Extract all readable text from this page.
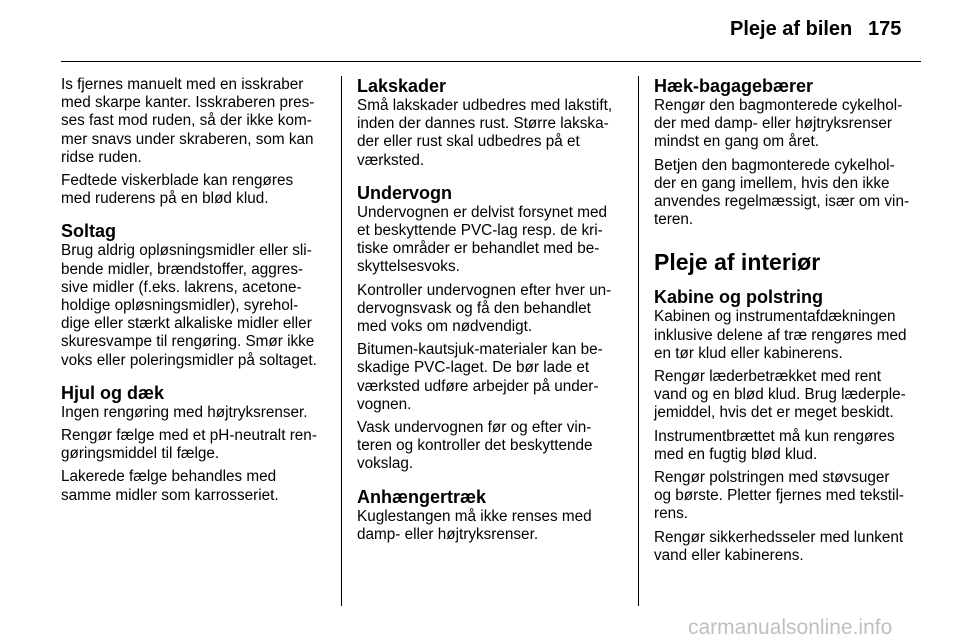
Pleje af bilen 175

Is fjernes manuelt med en isskraber
med skarpe kanter. Isskraberen pres-
ses fast mod ruden, så der ikke kom-
mer snavs under skraberen, som kan
ridse ruden.

Fedtede viskerblade kan rengøres
med ruderens på en blød klud.

Soltag

Brug aldrig opløsningsmidler eller sli-
bende midler, brændstoffer, aggres-
sive midler (f.eks. lakrens, acetone-
holdige opløsningsmidler), syrehol-
dige eller stærkt alkaliske midler eller
skuresvampe til rengøring. Smør ikke
voks eller poleringsmidler på soltaget.

Hjul og dæk

Ingen rengøring med højtryksrenser.

Rengør fælge med et pH-neutralt ren-
gøringsmiddel til fælge.

Lakerede fælge behandles med
samme midler som karrosseriet.

Lakskader

Små lakskader udbedres med lakstift,
inden der dannes rust. Større lakska-
der eller rust skal udbedres på et
værksted.

Undervogn

Undervognen er delvist forsynet med
et beskyttende PVC-lag resp. de kri-
tiske områder er behandlet med be-
skyttelsesvoks.

Kontroller undervognen efter hver un-
dervognsvask og få den behandlet
med voks om nødvendigt.

Bitumen-kautsjuk-materialer kan be-
skadige PVC-laget. De bør lade et
værksted udføre arbejder på under-
vognen.

Vask undervognen før og efter vin-
teren og kontroller det beskyttende
vokslag.

Anhængertræk

Kuglestangen må ikke renses med
damp- eller højtryksrenser.

Hæk-bagagebærer

Rengør den bagmonterede cykelhol-
der med damp- eller højtryksrenser
mindst en gang om året.

Betjen den bagmonterede cykelhol-
der en gang imellem, hvis den ikke
anvendes regelmæssigt, især om vin-
teren.

Pleje af interiør
Kabine og polstring

Kabinen og instrumentafdækningen
inklusive delene af træ rengøres med
en tør klud eller kabinerens.

Rengør læderbetrækket med rent
vand og en blød klud. Brug læderple-
jemiddel, hvis det er meget beskidt.

Instrumentbrættet må kun rengøres
med en fugtig blød klud.

Rengør polstringen med støvsuger
og børste. Pletter fjernes med tekstil-
rens.

Rengør sikkerhedsseler med lunkent
vand eller kabinerens.

carmanualsonline.info
